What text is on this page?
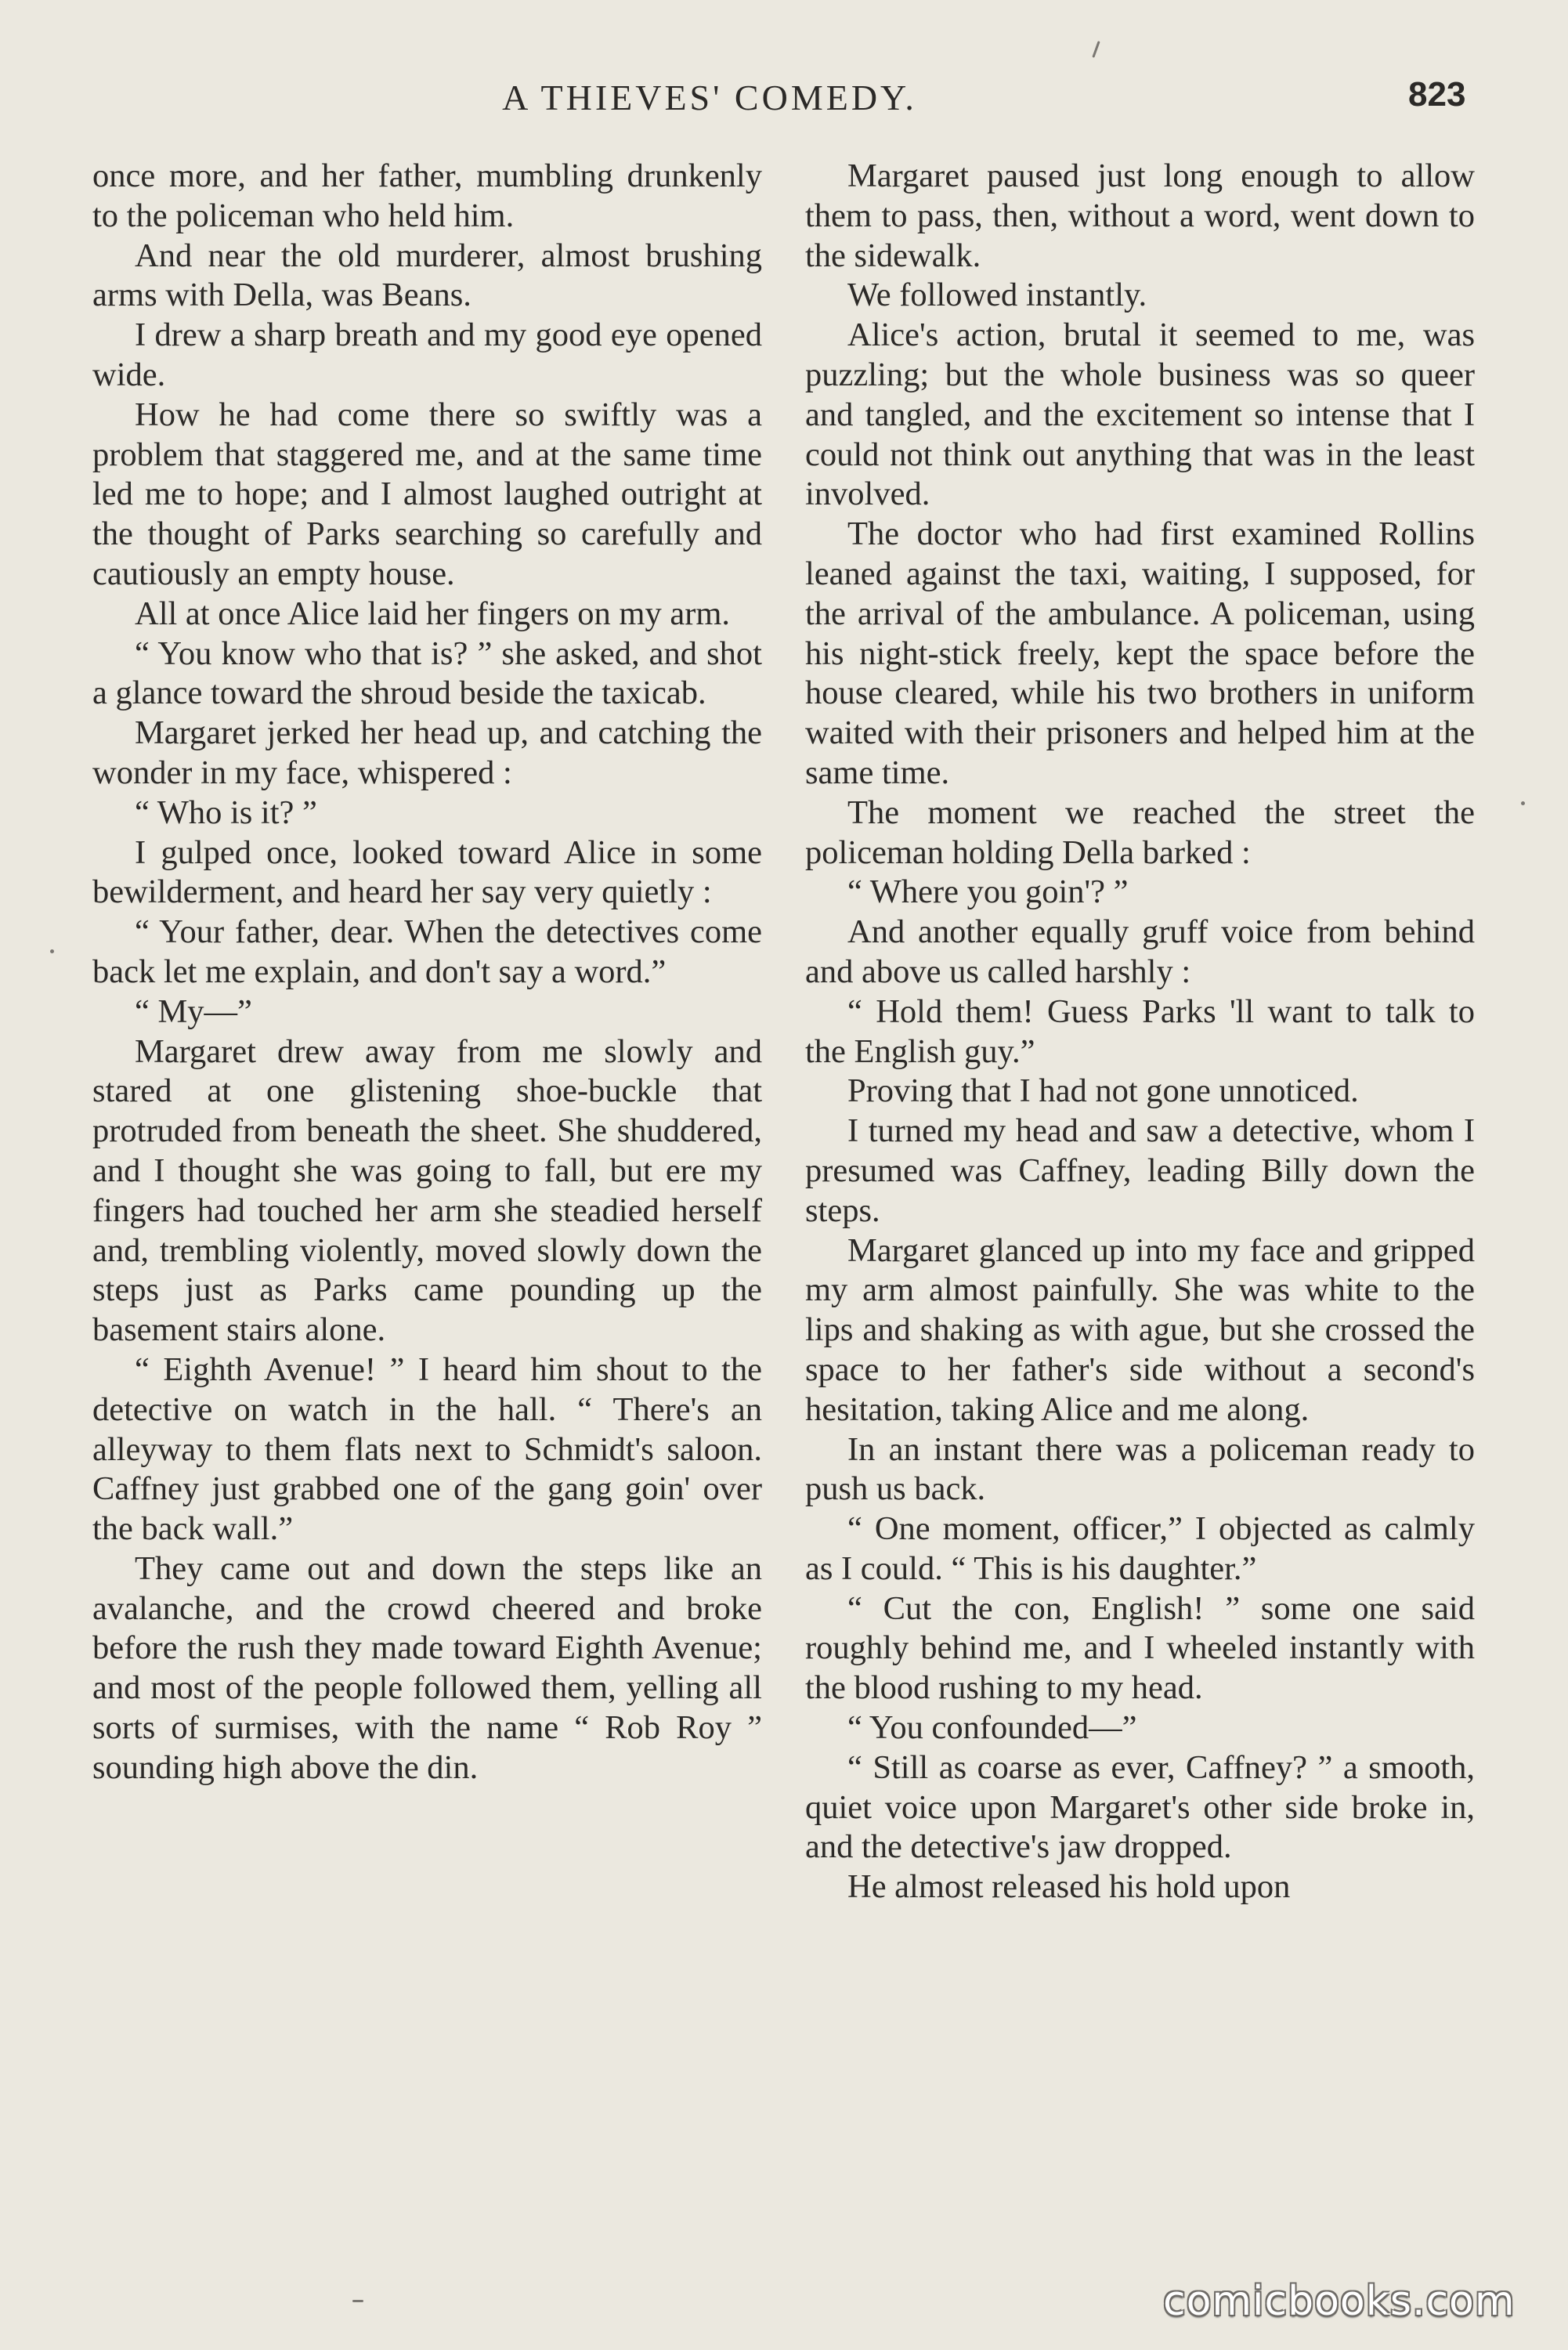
A THIEVES' COMEDY.	823

once more, and her father, mumbling drunkenly to the policeman who held him.

And near the old murderer, almost brushing arms with Della, was Beans.

I drew a sharp breath and my good eye opened wide.

How he had come there so swiftly was a problem that staggered me, and at the same time led me to hope; and I almost laughed outright at the thought of Parks searching so carefully and cautiously an empty house.

All at once Alice laid her fingers on my arm.

“ You know who that is? ” she asked, and shot a glance toward the shroud beside the taxicab.

Margaret jerked her head up, and catching the wonder in my face, whispered :

“ Who is it? ”

I gulped once, looked toward Alice in some bewilderment, and heard her say very quietly :

“ Your father, dear. When the detectives come back let me explain, and don't say a word.”

“ My—”

Margaret drew away from me slowly and stared at one glistening shoe-buckle that protruded from beneath the sheet. She shuddered, and I thought she was going to fall, but ere my fingers had touched her arm she steadied herself and, trembling violently, moved slowly down the steps just as Parks came pounding up the basement stairs alone.

“ Eighth Avenue! ” I heard him shout to the detective on watch in the hall. “ There's an alleyway to them flats next to Schmidt's saloon. Caffney just grabbed one of the gang goin' over the back wall.”

They came out and down the steps like an avalanche, and the crowd cheered and broke before the rush they made toward Eighth Avenue; and most of the people followed them, yelling all sorts of surmises, with the name “ Rob Roy ” sounding high above the din.

Margaret paused just long enough to allow them to pass, then, without a word, went down to the sidewalk.

We followed instantly.

Alice's action, brutal it seemed to me, was puzzling; but the whole business was so queer and tangled, and the excitement so intense that I could not think out anything that was in the least involved.

The doctor who had first examined Rollins leaned against the taxi, waiting, I supposed, for the arrival of the ambulance. A policeman, using his night-stick freely, kept the space before the house cleared, while his two brothers in uniform waited with their prisoners and helped him at the same time.

The moment we reached the street the policeman holding Della barked :

“ Where you goin'? ”

And another equally gruff voice from behind and above us called harshly :

“ Hold them! Guess Parks 'll want to talk to the English guy.”

Proving that I had not gone unnoticed.

I turned my head and saw a detective, whom I presumed was Caffney, leading Billy down the steps.

Margaret glanced up into my face and gripped my arm almost painfully. She was white to the lips and shaking as with ague, but she crossed the space to her father's side without a second's hesitation, taking Alice and me along.

In an instant there was a policeman ready to push us back.

“ One moment, officer,” I objected as calmly as I could. “ This is his daughter.”

“ Cut the con, English! ” some one said roughly behind me, and I wheeled instantly with the blood rushing to my head.

“ You confounded—”

“ Still as coarse as ever, Caffney? ” a smooth, quiet voice upon Margaret's other side broke in, and the detective's jaw dropped.

He almost released his hold upon

comicbooks.com
